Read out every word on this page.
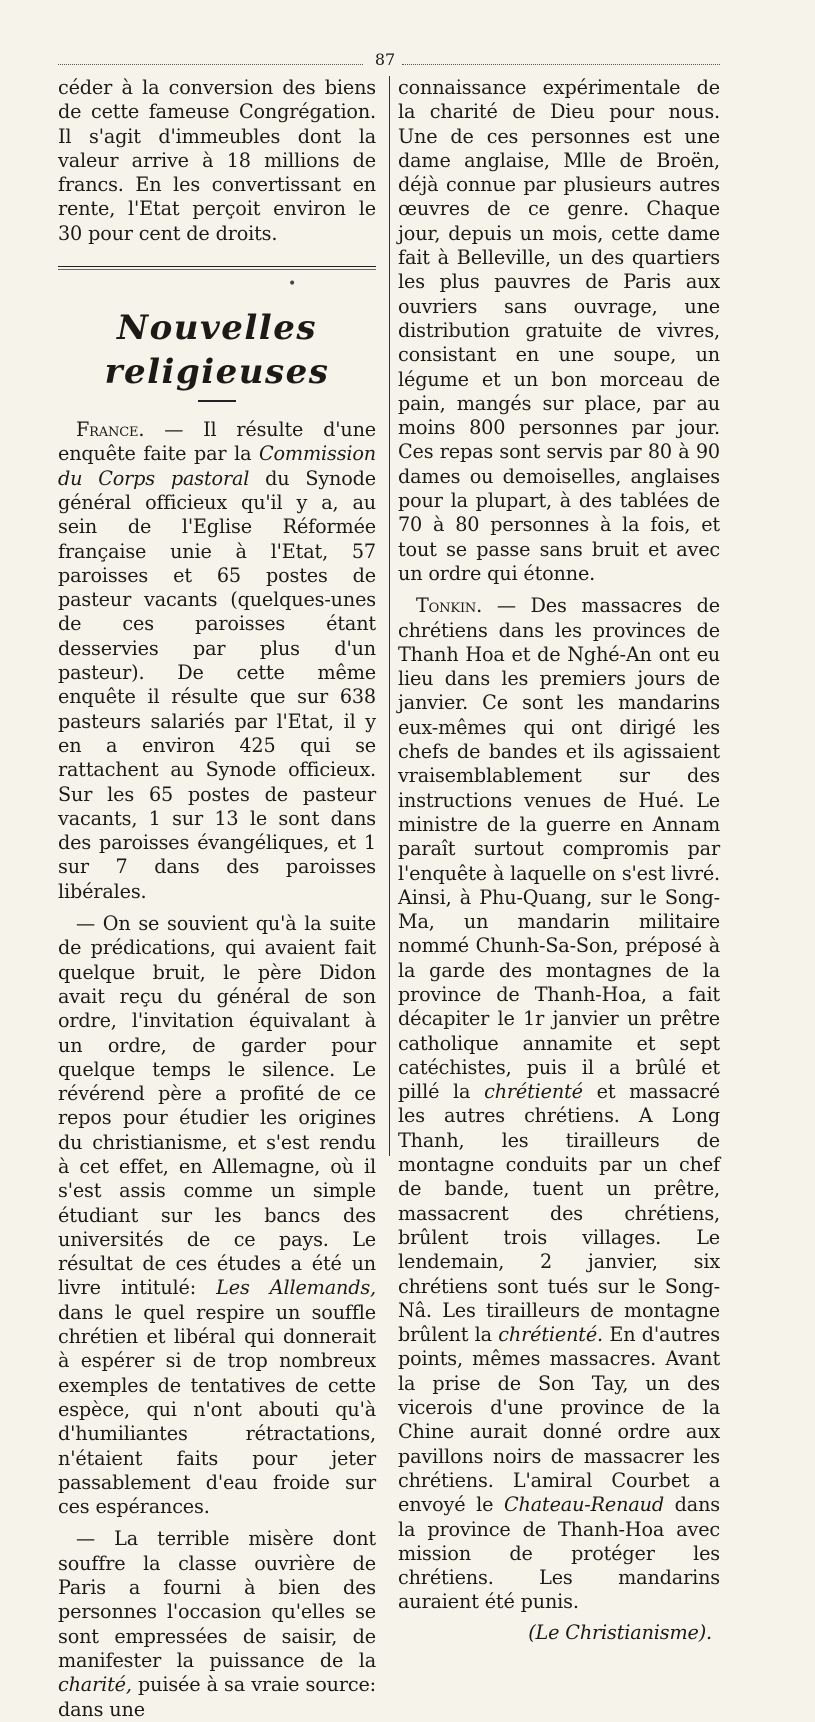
87

céder à la conversion des biens de cette fameuse Congrégation. Il s'agit d'immeubles dont la valeur arrive à 18 millions de francs. En les convertissant en rente, l'Etat perçoit environ le 30 pour cent de droits.

•
Nouvelles religieuses

France. — Il résulte d'une enquête faite par la Commission du Corps pastoral du Synode général officieux qu'il y a, au sein de l'Eglise Réformée française unie à l'Etat, 57 paroisses et 65 postes de pasteur vacants (quelques-unes de ces paroisses étant desservies par plus d'un pasteur). De cette même enquête il résulte que sur 638 pasteurs salariés par l'Etat, il y en a environ 425 qui se rattachent au Synode officieux. Sur les 65 postes de pasteur vacants, 1 sur 13 le sont dans des paroisses évangéliques, et 1 sur 7 dans des paroisses libérales.

— On se souvient qu'à la suite de prédications, qui avaient fait quelque bruit, le père Didon avait reçu du général de son ordre, l'invitation équivalant à un ordre, de garder pour quelque temps le silence. Le révérend père a profité de ce repos pour étudier les origines du christianisme, et s'est rendu à cet effet, en Allemagne, où il s'est assis comme un simple étudiant sur les bancs des universités de ce pays. Le résultat de ces études a été un livre intitulé: Les Allemands, dans le quel respire un souffle chrétien et libéral qui donnerait à espérer si de trop nombreux exemples de tentatives de cette espèce, qui n'ont abouti qu'à d'humiliantes rétractations, n'étaient faits pour jeter passablement d'eau froide sur ces espérances.

— La terrible misère dont souffre la classe ouvrière de Paris a fourni à bien des personnes l'occasion qu'elles se sont empressées de saisir, de manifester la puissance de la charité, puisée à sa vraie source: dans une

connaissance expérimentale de la charité de Dieu pour nous. Une de ces personnes est une dame anglaise, Mlle de Broën, déjà connue par plusieurs autres œuvres de ce genre. Chaque jour, depuis un mois, cette dame fait à Belleville, un des quartiers les plus pauvres de Paris aux ouvriers sans ouvrage, une distribution gratuite de vivres, consistant en une soupe, un légume et un bon morceau de pain, mangés sur place, par au moins 800 personnes par jour. Ces repas sont servis par 80 à 90 dames ou demoiselles, anglaises pour la plupart, à des tablées de 70 à 80 personnes à la fois, et tout se passe sans bruit et avec un ordre qui étonne.

Tonkin. — Des massacres de chrétiens dans les provinces de Thanh Hoa et de Nghé-An ont eu lieu dans les premiers jours de janvier. Ce sont les mandarins eux-mêmes qui ont dirigé les chefs de bandes et ils agissaient vraisemblablement sur des instructions venues de Hué. Le ministre de la guerre en Annam paraît surtout compromis par l'enquête à laquelle on s'est livré. Ainsi, à Phu-Quang, sur le Song-Ma, un mandarin militaire nommé Chunh-Sa-Son, préposé à la garde des montagnes de la province de Thanh-Hoa, a fait décapiter le 1r janvier un prêtre catholique annamite et sept catéchistes, puis il a brûlé et pillé la chrétienté et massacré les autres chrétiens. A Long Thanh, les tirailleurs de montagne conduits par un chef de bande, tuent un prêtre, massacrent des chrétiens, brûlent trois villages. Le lendemain, 2 janvier, six chrétiens sont tués sur le Song-Nâ. Les tirailleurs de montagne brûlent la chrétienté. En d'autres points, mêmes massacres. Avant la prise de Son Tay, un des vicerois d'une province de la Chine aurait donné ordre aux pavillons noirs de massacrer les chrétiens. L'amiral Courbet a envoyé le Chateau-Renaud dans la province de Thanh-Hoa avec mission de protéger les chrétiens. Les mandarins auraient été punis.

(Le Christianisme).
